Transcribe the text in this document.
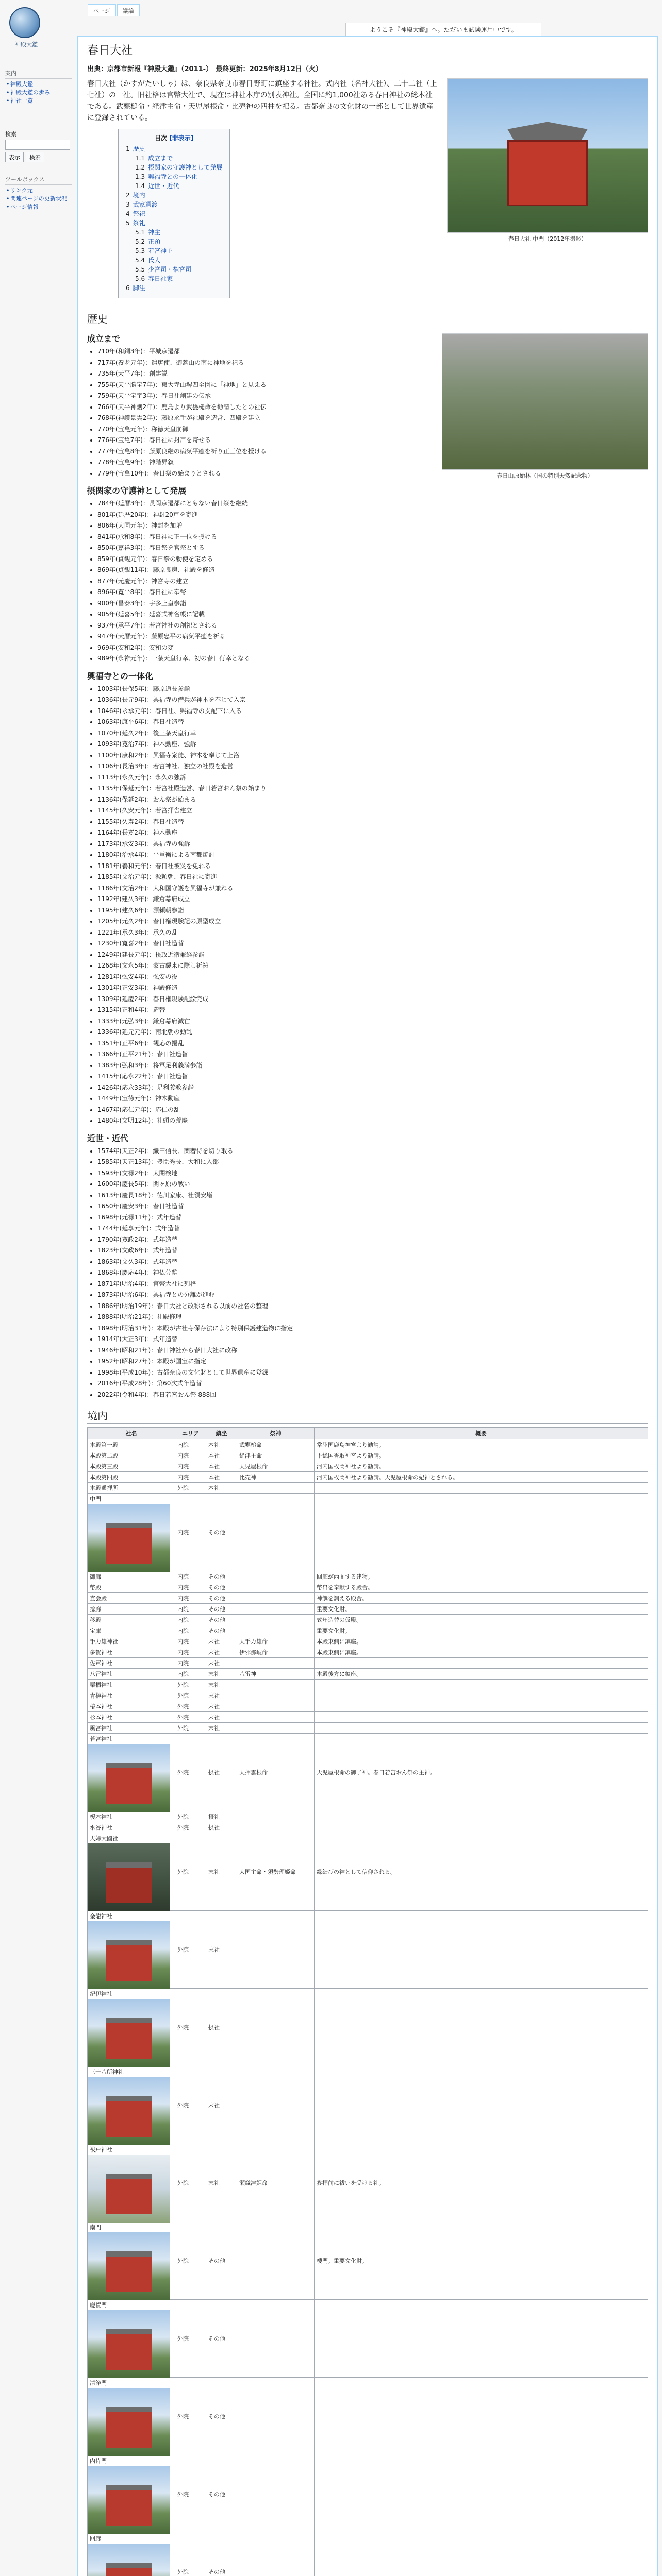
神殿大鑑
案内
• 神殿大鑑
• 神殿大鑑の歩み
• 神社一覧
検索
表示 検索
ツールボックス
• リンク元
• 関連ページの更新状況
• ページ情報
ページ	議論
ようこそ『神殿大鑑』へ。ただいま試験運用中です。
春日大社
出典：京都市新報『神殿大鑑』（2011-）　最終更新：2025年8月12日（火）
春日大社 中門（2012年撮影）

春日大社（かすがたいしゃ）は、奈良県奈良市春日野町に鎮座する神社。式内社（名神大社）、二十二社（上七社）の一社。旧社格は官幣大社で、現在は神社本庁の別表神社。全国に約1,000社ある春日神社の総本社である。武甕槌命・経津主命・天児屋根命・比売神の四柱を祀る。古都奈良の文化財の一部として世界遺産に登録されている。

目次 [非表示]
1 歴史
1.1 成立まで
1.2 摂関家の守護神として発展
1.3 興福寺との一体化
1.4 近世・近代
2 境内
3 武家過渡
4 祭祀
5 祭礼
5.1 神主
5.2 正預
5.3 若宮神主
5.4 氏人
5.5 少宮司・権宮司
5.6 春日社家
6 脚注
歴史
春日山原始林（国の特別天然記念物）
成立まで
• 710年(和銅3年)：平城京遷都
• 717年(養老元年)：遣唐使、御蓋山の南に神地を祀る
• 735年(天平7年)：創建説
• 755年(天平勝宝7年)：東大寺山堺四至図に「神地」と見える
• 759年(天平宝字3年)：春日社創建の伝承
• 766年(天平神護2年)：鹿島より武甕槌命を勧請したとの社伝
• 768年(神護景雲2年)：藤原永手が社殿を造営、四殿を建立
• 770年(宝亀元年)：称徳天皇崩御
• 776年(宝亀7年)：春日社に封戸を寄せる
• 777年(宝亀8年)：藤原良継の病気平癒を祈り正三位を授ける
• 778年(宝亀9年)：神階昇叙
• 779年(宝亀10年)：春日祭の始まりとされる
摂関家の守護神として発展
• 784年(延暦3年)：長岡京遷都にともない春日祭を継続
• 801年(延暦20年)：神封20戸を寄進
• 806年(大同元年)：神封を加増
• 841年(承和8年)：春日神に正一位を授ける
• 850年(嘉祥3年)：春日祭を官祭とする
• 859年(貞観元年)：春日祭の勅使を定める
• 869年(貞観11年)：藤原良房、社殿を修造
• 877年(元慶元年)：神宮寺の建立
• 896年(寛平8年)：春日社に奉幣
• 900年(昌泰3年)：宇多上皇参詣
• 905年(延喜5年)：延喜式神名帳に記載
• 937年(承平7年)：若宮神社の創祀とされる
• 947年(天暦元年)：藤原忠平の病気平癒を祈る
• 969年(安和2年)：安和の変
• 989年(永祚元年)：一条天皇行幸、初の春日行幸となる
興福寺との一体化
• 1003年(長保5年)：藤原道長参詣
• 1036年(長元9年)：興福寺の僧兵が神木を奉じて入京
• 1046年(永承元年)：春日社、興福寺の支配下に入る
• 1063年(康平6年)：春日社造替
• 1070年(延久2年)：後三条天皇行幸
• 1093年(寛治7年)：神木動座、強訴
• 1100年(康和2年)：興福寺衆徒、神木を奉じて上洛
• 1106年(長治3年)：若宮神社、独立の社殿を造営
• 1113年(永久元年)：永久の強訴
• 1135年(保延元年)：若宮社殿造営、春日若宮おん祭の始まり
• 1136年(保延2年)：おん祭が始まる
• 1145年(久安元年)：若宮拝舎建立
• 1155年(久寿2年)：春日社造替
• 1164年(長寛2年)：神木動座
• 1173年(承安3年)：興福寺の強訴
• 1180年(治承4年)：平重衡による南都焼討
• 1181年(養和元年)：春日社被災を免れる
• 1185年(文治元年)：源頼朝、春日社に寄進
• 1186年(文治2年)：大和国守護を興福寺が兼ねる
• 1192年(建久3年)：鎌倉幕府成立
• 1195年(建久6年)：源頼朝参詣
• 1205年(元久2年)：春日権現験記の原型成立
• 1221年(承久3年)：承久の乱
• 1230年(寛喜2年)：春日社造替
• 1249年(建長元年)：摂政近衛兼経参詣
• 1268年(文永5年)：蒙古襲来に際し祈祷
• 1281年(弘安4年)：弘安の役
• 1301年(正安3年)：神殿修造
• 1309年(延慶2年)：春日権現験記絵完成
• 1315年(正和4年)：造替
• 1333年(元弘3年)：鎌倉幕府滅亡
• 1336年(延元元年)：南北朝の動乱
• 1351年(正平6年)：観応の擾乱
• 1366年(正平21年)：春日社造替
• 1383年(弘和3年)：将軍足利義満参詣
• 1415年(応永22年)：春日社造替
• 1426年(応永33年)：足利義教参詣
• 1449年(宝徳元年)：神木動座
• 1467年(応仁元年)：応仁の乱
• 1480年(文明12年)：社頭の荒廃
近世・近代
• 1574年(天正2年)：織田信長、蘭奢待を切り取る
• 1585年(天正13年)：豊臣秀長、大和に入部
• 1593年(文禄2年)：太閤検地
• 1600年(慶長5年)：関ヶ原の戦い
• 1613年(慶長18年)：徳川家康、社領安堵
• 1650年(慶安3年)：春日社造替
• 1698年(元禄11年)：式年造替
• 1744年(延享元年)：式年造替
• 1790年(寛政2年)：式年造替
• 1823年(文政6年)：式年造替
• 1863年(文久3年)：式年造替
• 1868年(慶応4年)：神仏分離
• 1871年(明治4年)：官幣大社に列格
• 1873年(明治6年)：興福寺との分離が進む
• 1886年(明治19年)：春日大社と改称される以前の社名の整理
• 1888年(明治21年)：社殿修理
• 1898年(明治31年)：本殿が古社寺保存法により特別保護建造物に指定
• 1914年(大正3年)：式年造替
• 1946年(昭和21年)：春日神社から春日大社に改称
• 1952年(昭和27年)：本殿が国宝に指定
• 1998年(平成10年)：古都奈良の文化財として世界遺産に登録
• 2016年(平成28年)：第60次式年造替
• 2022年(令和4年)：春日若宮おん祭 888回
境内
社名	エリア	鎮坐	祭神	概要
本殿第一殿	内院	本社	武甕槌命	常陸国鹿島神宮より勧請。
本殿第二殿	内院	本社	経津主命	下総国香取神宮より勧請。
本殿第三殿	内院	本社	天児屋根命	河内国枚岡神社より勧請。
本殿第四殿	内院	本社	比売神	河内国枚岡神社より勧請。天児屋根命の妃神とされる。
本殿遥拝所	外院	本社		

中門	内院	その他		
御廊	内院	その他		回廊が西面する建物。
幣殿	内院	その他		幣帛を奉献する殿舎。
直会殿	内院	その他		神饌を調える殿舎。
捻廊	内院	その他		重要文化財。
移殿	内院	その他		式年造替の仮殿。
宝庫	内院	その他		重要文化財。
手力雄神社	内院	末社	天手力雄命	本殿東側に鎮座。
多賀神社	内院	末社	伊邪那岐命	本殿東側に鎮座。
佐軍神社	内院	末社		
八雷神社	内院	末社	八雷神	本殿後方に鎮座。
栗栖神社	外院	末社		
青榊神社	外院	末社		
椿本神社	外院	末社		
杉本神社	外院	末社		
風宮神社	外院	末社		

若宮神社	外院	摂社	天押雲根命	天児屋根命の御子神。春日若宮おん祭の主神。
榎本神社	外院	摂社		
水谷神社	外院	摂社		

夫婦大國社	外院	末社	大国主命・須勢理姫命	縁結びの神として信仰される。

金龍神社	外院	末社		

紀伊神社	外院	摂社		

三十八所神社	外院	末社		

祓戸神社	外院	末社	瀬織津姫命	参拝前に祓いを受ける社。

南門	外院	その他		楼門。重要文化財。

慶賀門	外院	その他		

清浄門	外院	その他		

内侍門	外院	その他		

回廊	外院	その他		
